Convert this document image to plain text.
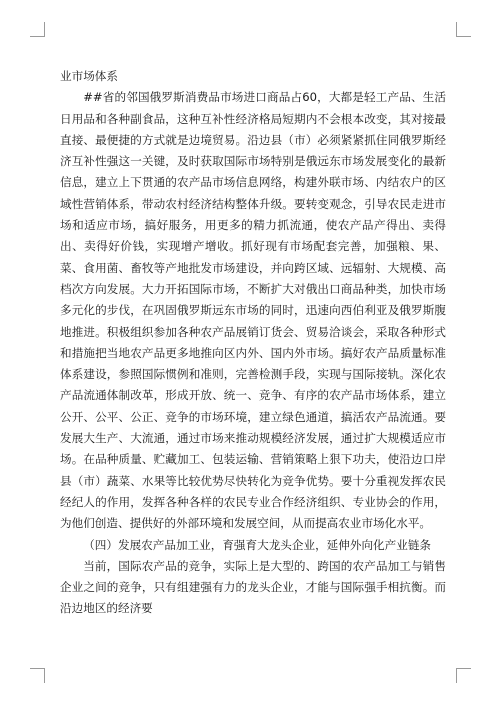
业市场体系

##省的邻国俄罗斯消费品市场进口商品占60，大都是轻工产品、生活日用品和各种副食品，这种互补性经济格局短期内不会根本改变，其对接最直接、最便捷的方式就是边境贸易。沿边县（市）必须紧紧抓住同俄罗斯经济互补性强这一关键，及时获取国际市场特别是俄远东市场发展变化的最新信息，建立上下贯通的农产品市场信息网络，构建外联市场、内结农户的区域性营销体系，带动农村经济结构整体升级。要转变观念，引导农民走进市场和适应市场，搞好服务，用更多的精力抓流通，使农产品产得出、卖得出、卖得好价钱，实现增产增收。抓好现有市场配套完善，加强粮、果、菜、食用菌、畜牧等产地批发市场建设，并向跨区域、远辐射、大规模、高档次方向发展。大力开拓国际市场，不断扩大对俄出口商品种类，加快市场多元化的步伐，在巩固俄罗斯远东市场的同时，迅速向西伯利亚及俄罗斯腹地推进。积极组织参加各种农产品展销订货会、贸易洽谈会，采取各种形式和措施把当地农产品更多地推向区内外、国内外市场。搞好农产品质量标准体系建设，参照国际惯例和准则，完善检测手段，实现与国际接轨。深化农产品流通体制改革，形成开放、统一、竞争、有序的农产品市场体系，建立公开、公平、公正、竞争的市场环境，建立绿色通道，搞活农产品流通。要发展大生产、大流通，通过市场来推动规模经济发展，通过扩大规模适应市场。在品种质量、贮藏加工、包装运输、营销策略上狠下功夫，使沿边口岸县（市）蔬菜、水果等比较优势尽快转化为竞争优势。要十分重视发挥农民经纪人的作用，发挥各种各样的农民专业合作经济组织、专业协会的作用，为他们创造、提供好的外部环境和发展空间，从而提高农业市场化水平。

（四）发展农产品加工业，育强育大龙头企业，延伸外向化产业链条

当前，国际农产品的竞争，实际上是大型的、跨国的农产品加工与销售企业之间的竞争，只有组建强有力的龙头企业，才能与国际强手相抗衡。而沿边地区的经济要
